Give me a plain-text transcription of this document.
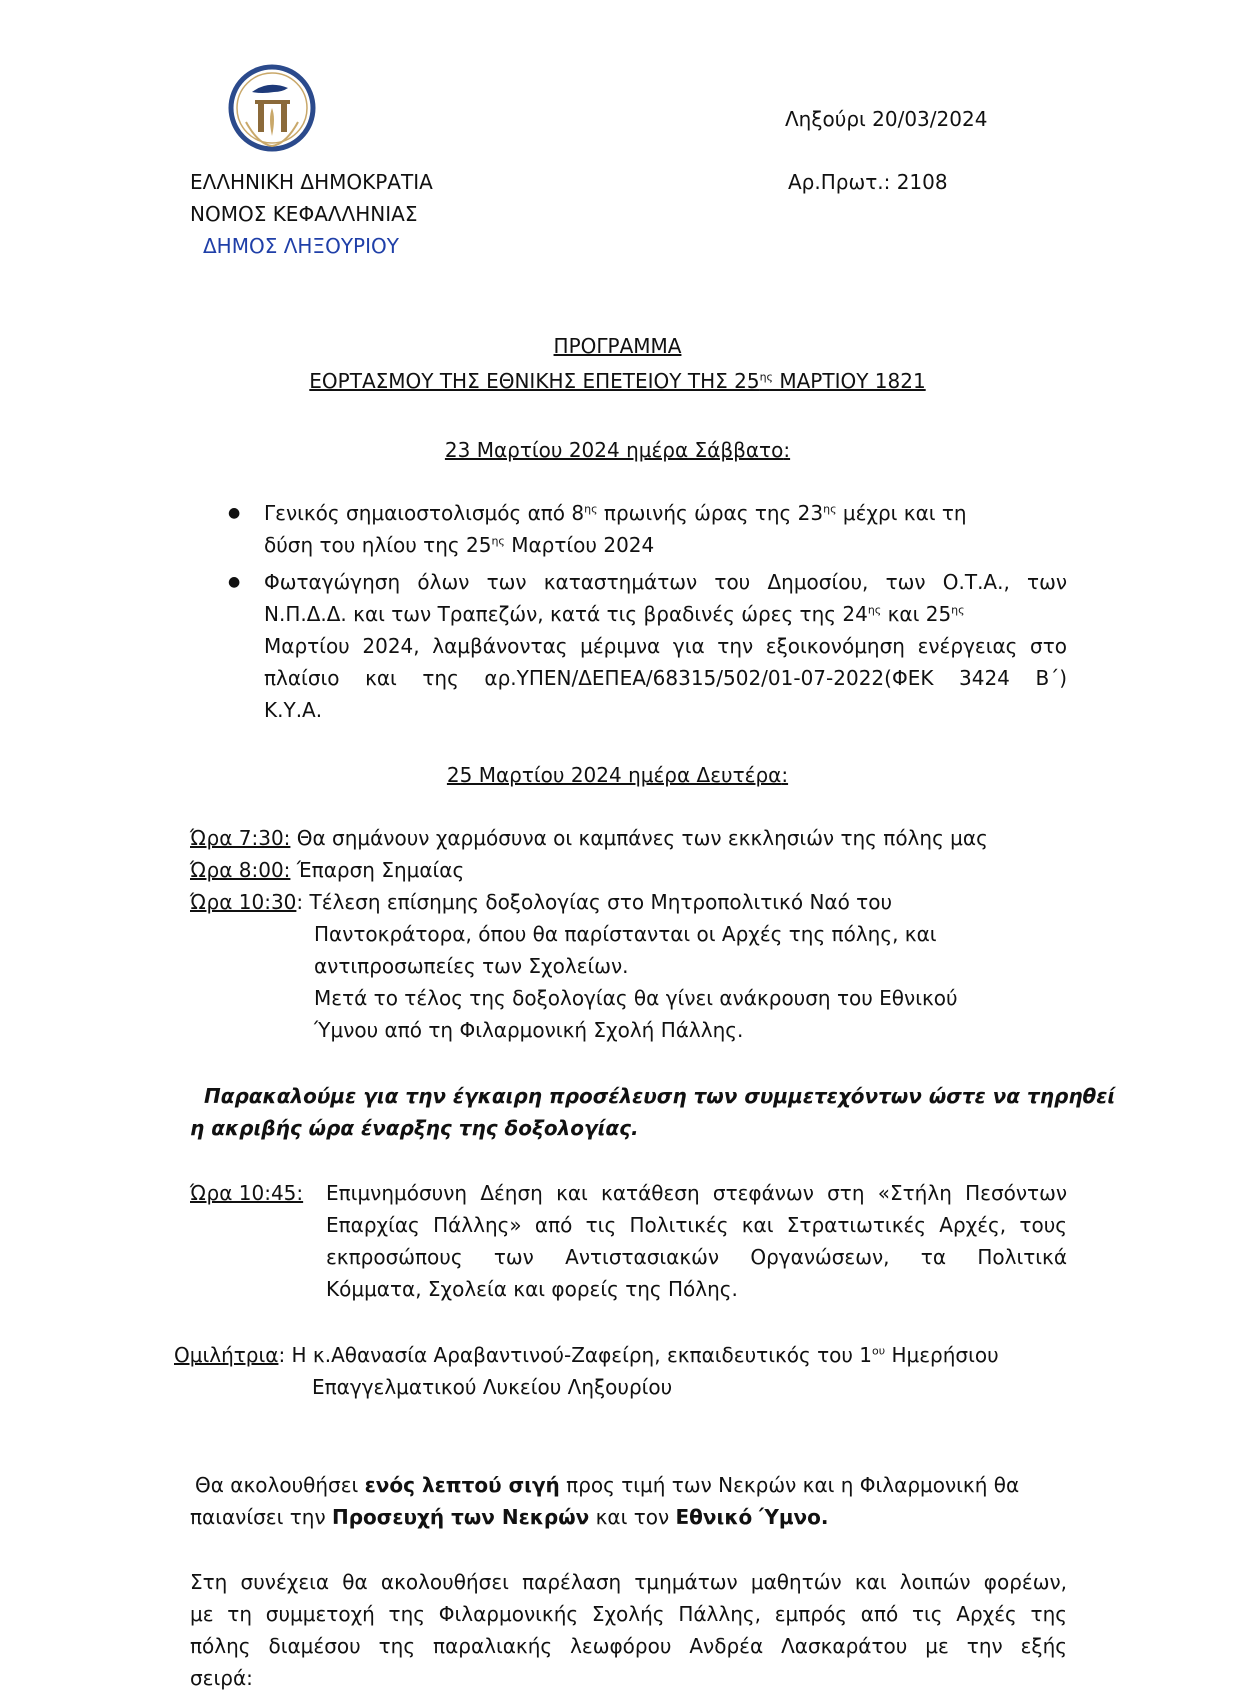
Ληξούρι 20/03/2024
Αρ.Πρωτ.: 2108
ΕΛΛΗΝΙΚΗ ΔΗΜΟΚΡΑΤΙΑ
ΝΟΜΟΣ ΚΕΦΑΛΛΗΝΙΑΣ
ΔΗΜΟΣ ΛΗΞΟΥΡΙΟΥ
ΠΡΟΓΡΑΜΜΑ
ΕΟΡΤΑΣΜΟΥ ΤΗΣ ΕΘΝΙΚΗΣ ΕΠΕΤΕΙΟΥ ΤΗΣ $25^{\eta\varsigma}$ ΜΑΡΤΙΟΥ 1821
23 Μαρτίου 2024 ημέρα Σάββατο:
● Γενικός σημαιοστολισμός από $8^{\eta\varsigma}$ πρωινής ώρας της $23^{\eta\varsigma}$ μέχρι και τη
δύση του ηλίου της $25^{\eta\varsigma}$ Μαρτίου 2024
● Φωταγώγηση όλων των καταστημάτων του Δημοσίου, των Ο.Τ.Α., των
Ν.Π.Δ.Δ. και των Τραπεζών, κατά τις βραδινές ώρες της $24^{\eta\varsigma}$ και $25^{\eta\varsigma}$
Μαρτίου 2024, λαμβάνοντας μέριμνα για την εξοικονόμηση ενέργειας στο
πλαίσιο και της αρ.ΥΠΕΝ/ΔΕΠΕΑ/68315/502/01-07-2022(ΦΕΚ 3424 Β΄)
Κ.Υ.Α.
25 Μαρτίου 2024 ημέρα Δευτέρα:
Ώρα 7:30: Θα σημάνουν χαρμόσυνα οι καμπάνες των εκκλησιών της πόλης μας
Ώρα 8:00: Έπαρση Σημαίας
Ώρα 10:30: Τέλεση επίσημης δοξολογίας στο Μητροπολιτικό Ναό του
Παντοκράτορα, όπου θα παρίστανται οι Αρχές της πόλης, και
αντιπροσωπείες των Σχολείων.
Μετά το τέλος της δοξολογίας θα γίνει ανάκρουση του Εθνικού
Ύμνου από τη Φιλαρμονική Σχολή Πάλλης.
Παρακαλούμε για την έγκαιρη προσέλευση των συμμετεχόντων ώστε να τηρηθεί
η ακριβής ώρα έναρξης της δοξολογίας.
Ώρα 10:45: Επιμνημόσυνη Δέηση και κατάθεση στεφάνων στη «Στήλη Πεσόντων
Επαρχίας Πάλλης» από τις Πολιτικές και Στρατιωτικές Αρχές, τους
εκπροσώπους των Αντιστασιακών Οργανώσεων, τα Πολιτικά
Κόμματα, Σχολεία και φορείς της Πόλης.
Ομιλήτρια: Η κ.Αθανασία Αραβαντινού-Ζαφείρη, εκπαιδευτικός του $1^{o\upsilon}$ Ημερήσιου
Επαγγελματικού Λυκείου Ληξουρίου
Θα ακολουθήσει ενός λεπτού σιγή προς τιμή των Νεκρών και η Φιλαρμονική θα
παιανίσει την Προσευχή των Νεκρών και τον Εθνικό Ύμνο.
Στη συνέχεια θα ακολουθήσει παρέλαση τμημάτων μαθητών και λοιπών φορέων,
με τη συμμετοχή της Φιλαρμονικής Σχολής Πάλλης, εμπρός από τις Αρχές της
πόλης διαμέσου της παραλιακής λεωφόρου Ανδρέα Λασκαράτου με την εξής
σειρά:
